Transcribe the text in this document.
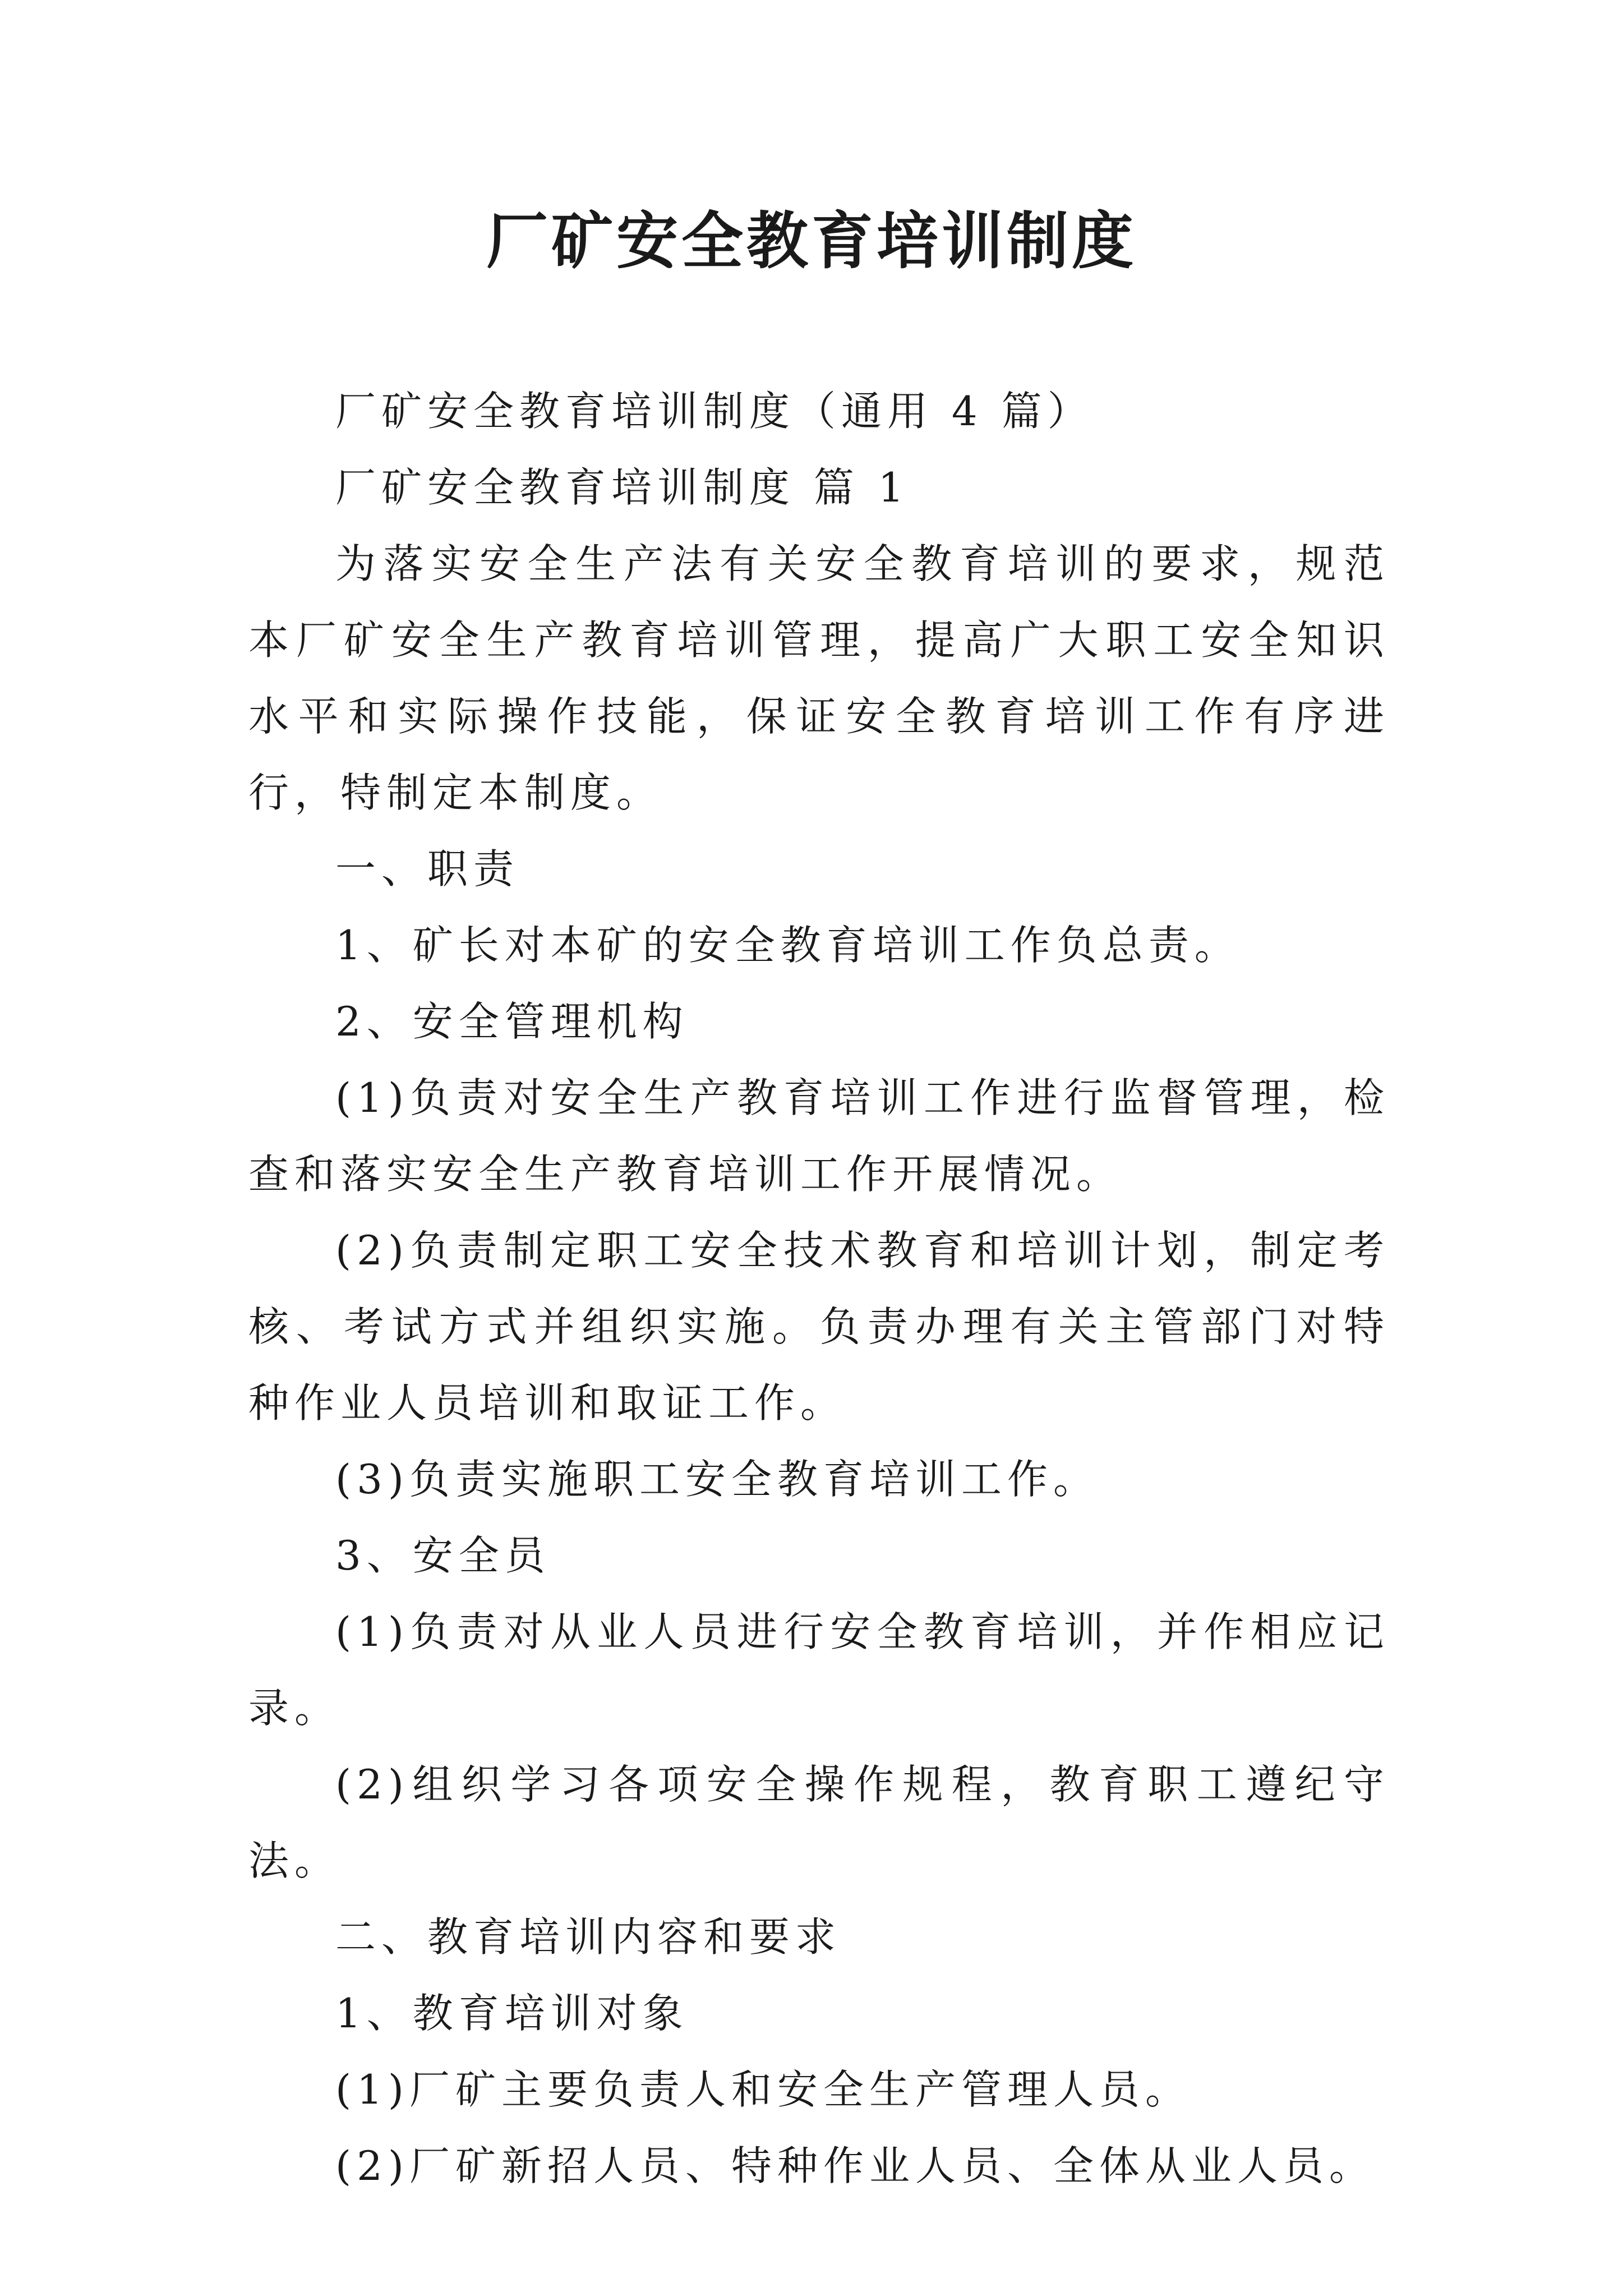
厂矿安全教育培训制度

厂矿安全教育培训制度（通用 4 篇）

厂矿安全教育培训制度 篇 1

为落实安全生产法有关安全教育培训的要求，规范本厂矿安全生产教育培训管理，提高广大职工安全知识水平和实际操作技能，保证安全教育培训工作有序进行，特制定本制度。

一、职责

1、矿长对本矿的安全教育培训工作负总责。

2、安全管理机构

(1)负责对安全生产教育培训工作进行监督管理，检查和落实安全生产教育培训工作开展情况。

(2)负责制定职工安全技术教育和培训计划，制定考核、考试方式并组织实施。负责办理有关主管部门对特种作业人员培训和取证工作。

(3)负责实施职工安全教育培训工作。

3、安全员

(1)负责对从业人员进行安全教育培训，并作相应记录。

(2)组织学习各项安全操作规程，教育职工遵纪守法。

二、教育培训内容和要求

1、教育培训对象

(1)厂矿主要负责人和安全生产管理人员。

(2)厂矿新招人员、特种作业人员、全体从业人员。
